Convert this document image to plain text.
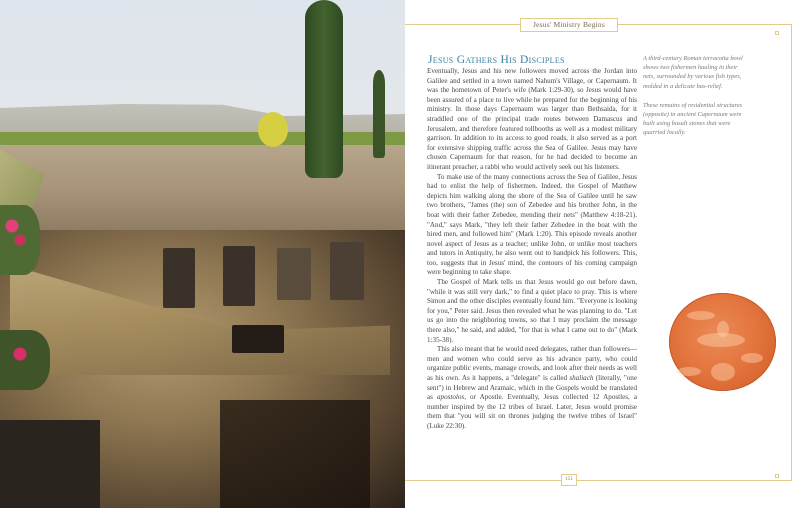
Jesus' Ministry Begins
151
Jesus Gathers His Disciples

Eventually, Jesus and his new followers moved across the Jordan into Galilee and settled in a town named Nahum's Village, or Capernaum. It was the hometown of Peter's wife (Mark 1:29-30), so Jesus would have been assured of a place to live while he prepared for the beginning of his ministry. In those days Capernaum was larger than Bethsaida, for it straddled one of the principal trade routes between Damascus and Jerusalem, and therefore featured tollbooths as well as a modest military garrison. In addition to its access to good roads, it also served as a port for extensive shipping traffic across the Sea of Galilee. Jesus may have chosen Capernaum for that reason, for he had decided to become an itinerant preacher, a rabbi who would actively seek out his listeners.

To make use of the many connections across the Sea of Galilee, Jesus had to enlist the help of fishermen. Indeed, the Gospel of Matthew depicts him walking along the shore of the Sea of Galilee until he saw two brothers, "James (the) son of Zebedee and his brother John, in the boat with their father Zebedee, mending their nets" (Matthew 4:18-21). "And," says Mark, "they left their father Zebedee in the boat with the hired men, and followed him" (Mark 1:20). This episode reveals another novel aspect of Jesus as a teacher; unlike John, or unlike most teachers and tutors in Antiquity, he also went out to handpick his followers. This, too, suggests that in Jesus' mind, the contours of his coming campaign were beginning to take shape.

The Gospel of Mark tells us that Jesus would go out before dawn, "while it was still very dark," to find a quiet place to pray. This is where Simon and the other disciples eventually found him. "Everyone is looking for you," Peter said. Jesus then revealed what he was planning to do. "Let us go into the neighboring towns, so that I may proclaim the message there also," he said, and added, "for that is what I came out to do" (Mark 1:35-38).

This also meant that he would need delegates, rather than followers—men and women who could serve as his advance party, who could organize public events, manage crowds, and look after their needs as well as his own. As it happens, a "delegate" is called shaliach (literally, "one sent") in Hebrew and Aramaic, which in the Gospels would be translated as apostolos, or Apostle. Eventually, Jesus collected 12 Apostles, a number inspired by the 12 tribes of Israel. Later, Jesus would promise them that "you will sit on thrones judging the twelve tribes of Israel" (Luke 22:30).

A third-century Roman terracotta bowl shows two fishermen hauling in their nets, surrounded by various fish types, molded in a delicate bas-relief.

These remains of residential structures (opposite) in ancient Capernaum were built using basalt stones that were quarried locally.
